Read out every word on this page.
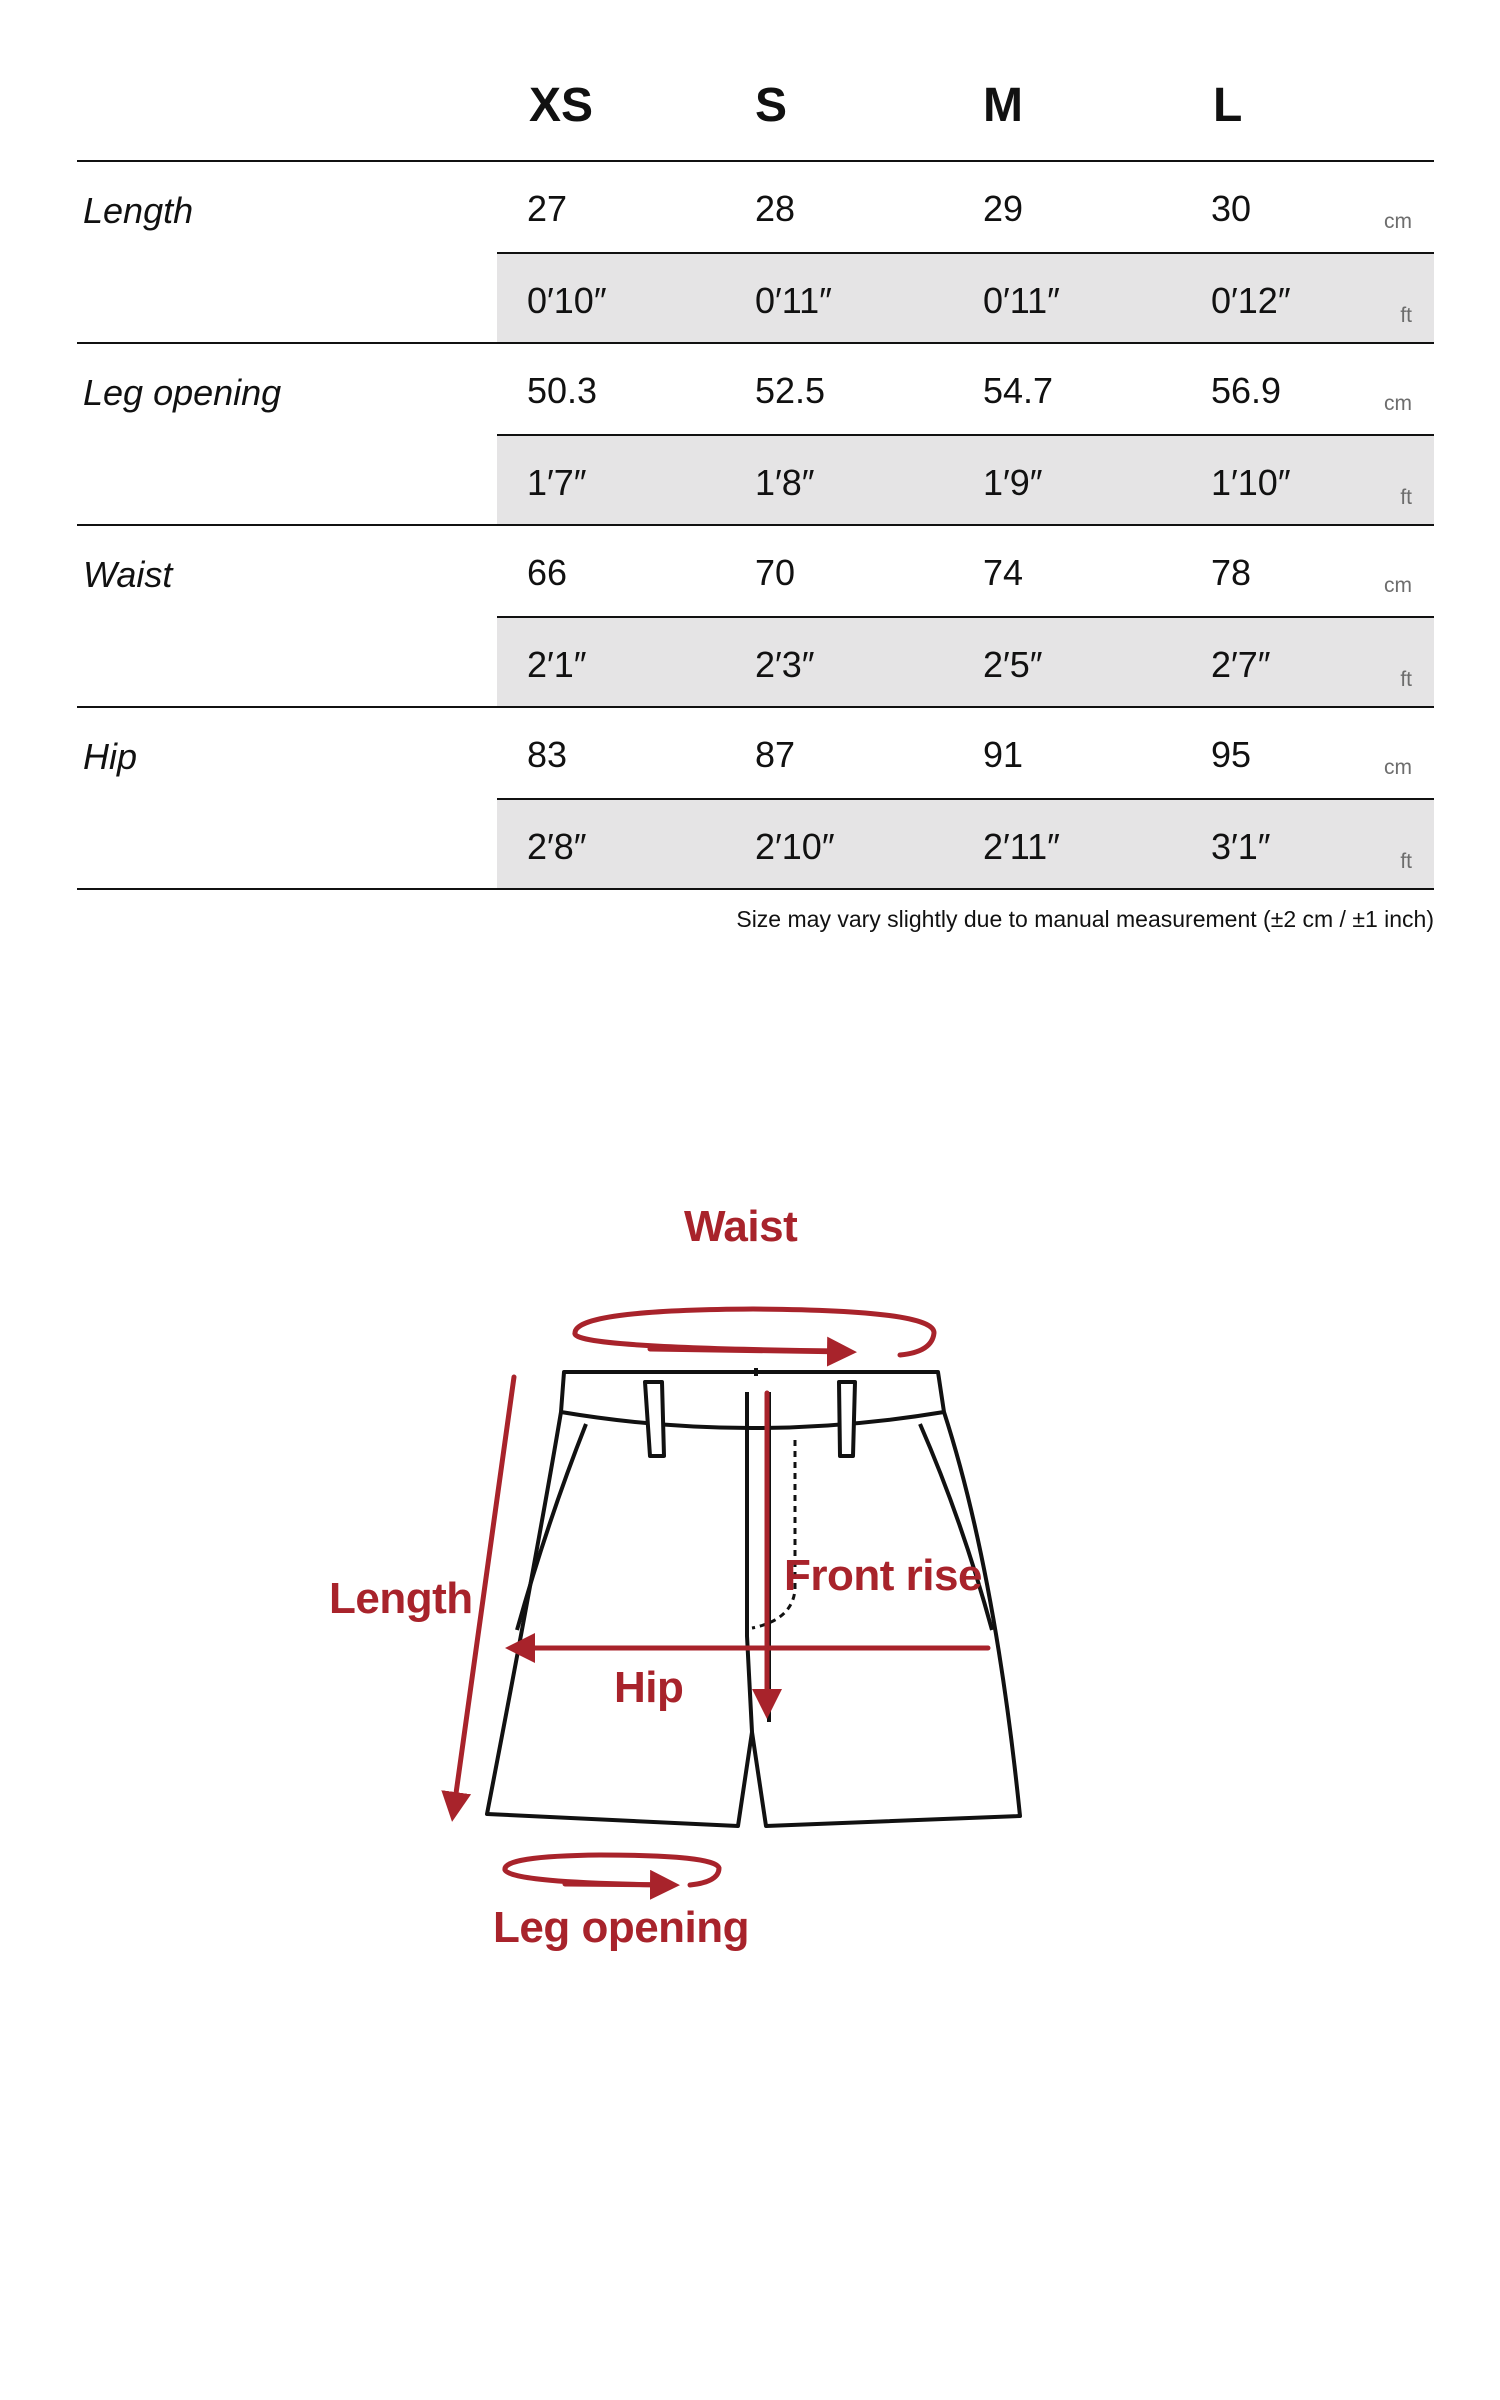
XS	S	M	L
Length	27	28	29	30	cm
0′10″	0′11″	0′11″	0′12″	ft
Leg opening	50.3	52.5	54.7	56.9	cm
1′7″	1′8″	1′9″	1′10″	ft
Waist	66	70	74	78	cm
2′1″	2′3″	2′5″	2′7″	ft
Hip	83	87	91	95	cm
2′8″	2′10″	2′11″	3′1″	ft
Size may vary slightly due to manual measurement (±2 cm / ±1 inch)
Waist
Length	Front rise
Hip
Leg opening
